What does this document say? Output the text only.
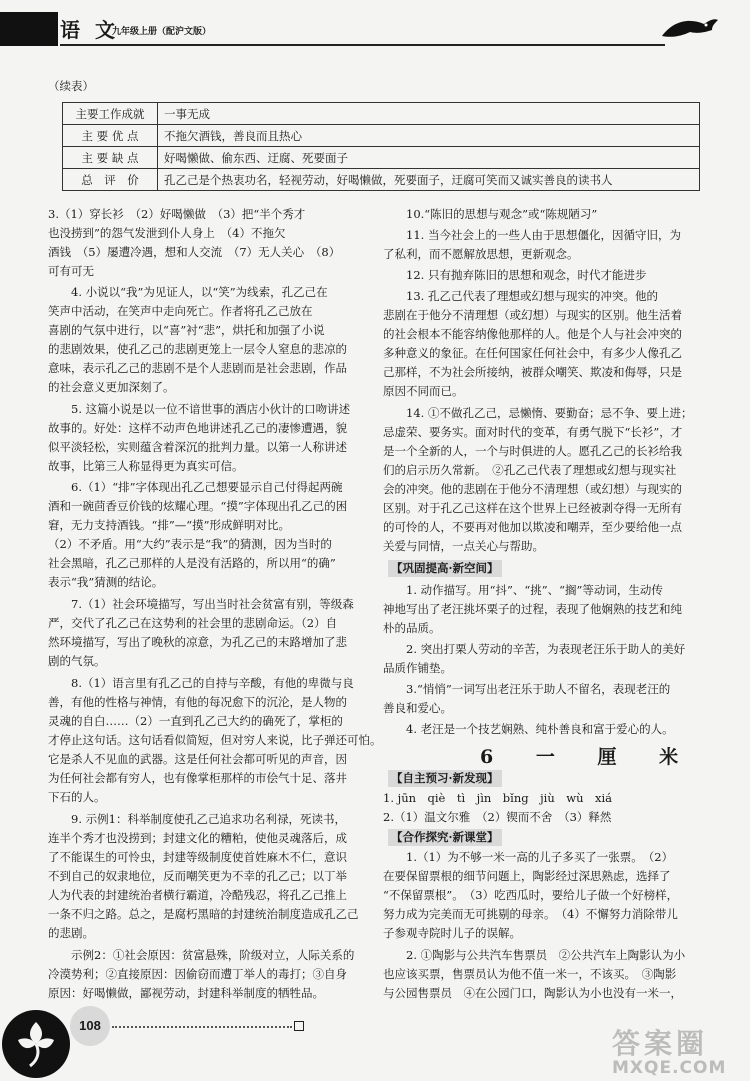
语 文
九年级上册（配沪文版）
（续表）
主要工作成就	一事无成
主 要 优 点	不拖欠酒钱，善良而且热心
主 要 缺 点	好喝懒做、偷东西、迂腐、死要面子
总　评　价	孔乙己是个热衷功名，轻视劳动，好喝懒做，死要面子，迂腐可笑而又诚实善良的读书人
3.（1）穿长衫　（2）好喝懒做　（3）把“半个秀才
也没捞到”的怨气发泄到仆人身上　（4）不拖欠
酒钱　（5）屡遭冷遇，想和人交流　（7）无人关心　（8）
可有可无
　　4. 小说以“我”为见证人，以“笑”为线索，孔乙己在
笑声中活动，在笑声中走向死亡。作者将孔乙己放在
喜剧的气氛中进行，以“喜”衬“悲”，烘托和加强了小说
的悲剧效果，使孔乙己的悲剧更笼上一层令人窒息的悲凉的
意味，表示孔乙己的悲剧不是个人悲剧而是社会悲剧，作品
的社会意义更加深刻了。
　　5. 这篇小说是以一位不谙世事的酒店小伙计的口吻讲述
故事的。好处：这样不动声色地讲述孔乙己的凄惨遭遇，貌
似平淡轻松，实则蕴含着深沉的批判力量。以第一人称讲述
故事，比第三人称显得更为真实可信。
　　6.（1）“排”字体现出孔乙己想要显示自己付得起两碗
酒和一碗茴香豆价钱的炫耀心理。“摸”字体现出孔乙己的困
窘，无力支持酒钱。“排”—“摸”形成鲜明对比。
（2）不矛盾。用“大约”表示是“我”的猜测，因为当时的
社会黑暗，孔乙己那样的人是没有活路的，所以用“的确”
表示“我”猜测的结论。
　　7.（1）社会环境描写，写出当时社会贫富有别，等级森
严，交代了孔乙己在这势利的社会里的悲剧命运。（2）自
然环境描写，写出了晚秋的凉意，为孔乙己的末路增加了悲
剧的气氛。
　　8.（1）语言里有孔乙己的自持与辛酸，有他的卑微与良
善，有他的性格与神情，有他的每况愈下的沉沦，是人物的
灵魂的自白……（2）一直到孔乙己大约的确死了，掌柜的
才停止这句话。这句话看似简短，但对穷人来说，比子弹还可怕。
它是杀人不见血的武器。这是任何社会都可听见的声音，因
为任何社会都有穷人，也有像掌柜那样的市侩气十足、落井
下石的人。
　　9. 示例1：科举制度使孔乙己追求功名利禄，死读书，
连半个秀才也没捞到；封建文化的糟粕，使他灵魂落后，成
了不能谋生的可怜虫，封建等级制度使首姓麻木不仁，意识
不到自己的奴隶地位，反而嘲笑更为不幸的孔乙己；以丁举
人为代表的封建统治者横行霸道，冷酷残忍，将孔乙己推上
一条不归之路。总之，是腐朽黑暗的封建统治制度造成孔乙己
的悲剧。
　　示例2：①社会原因：贫富悬殊，阶级对立，人际关系的
冷漠势利；②直接原因：因偷窃而遭丁举人的毒打；③自身
原因：好喝懒做，鄙视劳动，封建科举制度的牺牲品。
　　10.“陈旧的思想与观念”或“陈规陋习”
　　11. 当今社会上的一些人由于思想僵化，因循守旧，为
了私利，而不愿解放思想，更新观念。
　　12. 只有抛弃陈旧的思想和观念，时代才能进步
　　13. 孔乙己代表了理想或幻想与现实的冲突。他的
悲剧在于他分不清理想（或幻想）与现实的区别。他生活着
的社会根本不能容纳像他那样的人。他是个人与社会冲突的
多种意义的象征。在任何国家任何社会中，有多少人像孔乙
己那样，不为社会所接纳，被群众嘲笑、欺凌和侮辱，只是
原因不同而已。
　　14. ①不做孔乙己，忌懒惰、要勤奋；忌不争、要上进；
忌虚荣、要务实。面对时代的变革，有勇气脱下“长衫”，才
是一个全新的人，一个与时俱进的人。愿孔乙己的长衫给我
们的启示历久常新。　②孔乙己代表了理想或幻想与现实社
会的冲突。他的悲剧在于他分不清理想（或幻想）与现实的
区别。对于孔乙己这样在这个世界上已经被剥夺得一无所有
的可怜的人，不要再对他加以欺凌和嘲弄，至少要给他一点
关爱与同情，一点关心与帮助。
【巩固提高·新空间】
　　1. 动作描写。用“抖”、“挑”、“搁”等动词，生动传
神地写出了老汪挑坏栗子的过程，表现了他娴熟的技艺和纯
朴的品质。
　　2. 突出打栗人劳动的辛苦，为表现老汪乐于助人的美好
品质作铺垫。
　　3.“悄悄”一词写出老汪乐于助人不留名，表现老汪的
善良和爱心。
　　4. 老汪是一个技艺娴熟、纯朴善良和富于爱心的人。
6 一 厘 米
【自主预习·新发现】
1. jūn　qiè　tì　jìn　bǐng　jiù　wù　xiá
2.（1）温文尔雅　（2）锲而不舍　（3）释然
【合作探究·新课堂】
　　1.（1）为不够一米一高的儿子多买了一张票。　（2）
在要保留票根的细节问题上，陶影经过深思熟虑，选择了
“不保留票根”。　（3）吃西瓜时，要给儿子做一个好榜样，
努力成为完美而无可挑剔的母亲。　（4）不懈努力消除带儿
子参观寺院时儿子的误解。
　　2. ①陶影与公共汽车售票员　②公共汽车上陶影认为小
也应该买票，售票员认为他不值一米一，不该买。　③陶影
与公园售票员　④在公园门口，陶影认为小也没有一米一，
108
答案圈
MXQE.COM
